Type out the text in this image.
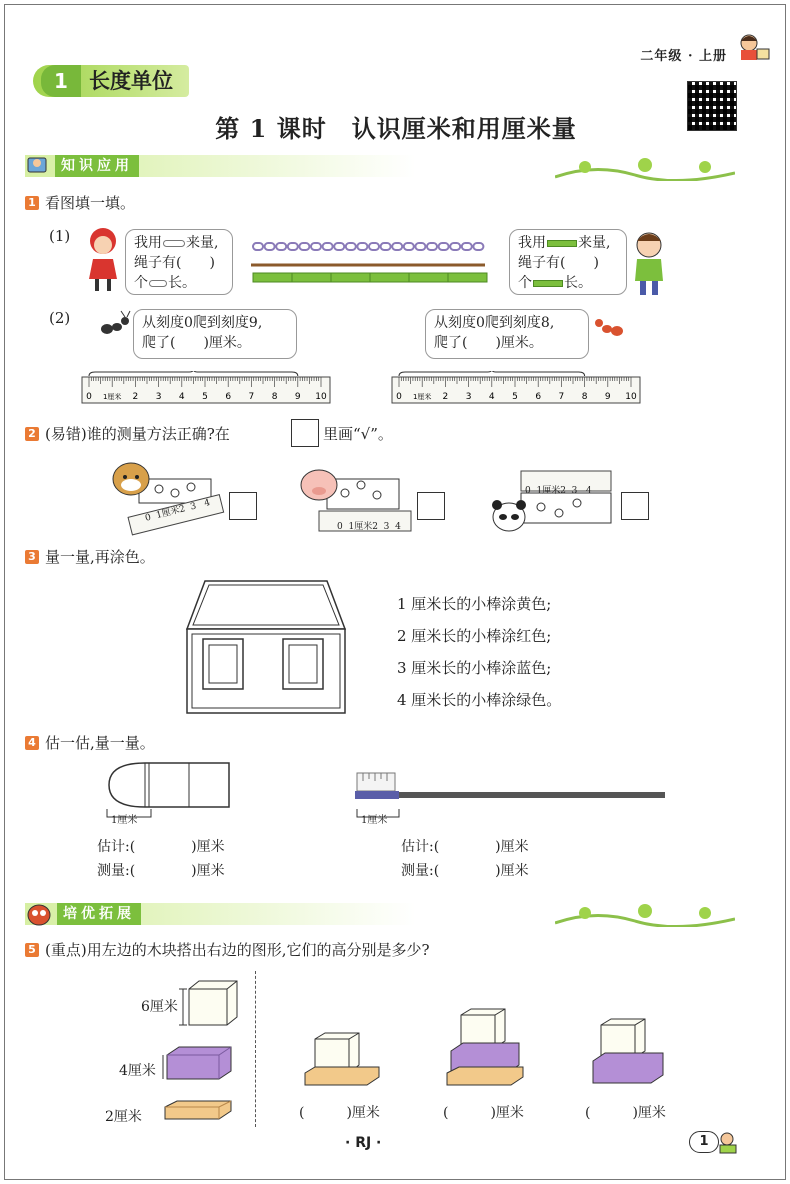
二年级 · 上册
1	长度单位
第 1 课时　认识厘米和用厘米量
知识应用
1 看图填一填。
(1)	我用 来量,
绳子有(　　)
个 长。
我用 来量,
绳子有(　　)
个 长。
(2)	从刻度0爬到刻度9,
爬了(　　)厘米。
从刻度0爬到刻度8,
爬了(　　)厘米。
0 1厘米 2 3 4 5 6 7 8 9 10	0 1厘米 2 3 4 5 6 7 8 9 10
2 (易错)谁的测量方法正确?在	里画“√”。
0 1厘米2 3 4
0 1厘米2 3 4
0 1厘米2 3 4
3 量一量,再涂色。
1 厘米长的小棒涂黄色;
2 厘米长的小棒涂红色;
3 厘米长的小棒涂蓝色;
4 厘米长的小棒涂绿色。
4 估一估,量一量。
1厘米	1厘米
估计:(　　　　)厘米
测量:(　　　　)厘米
估计:(　　　　)厘米
测量:(　　　　)厘米
培优拓展
5 (重点)用左边的木块搭出右边的图形,它们的高分别是多少?
6厘米
4厘米
2厘米	(　　　)厘米	(　　　)厘米	(　　　)厘米
· RJ ·	1
